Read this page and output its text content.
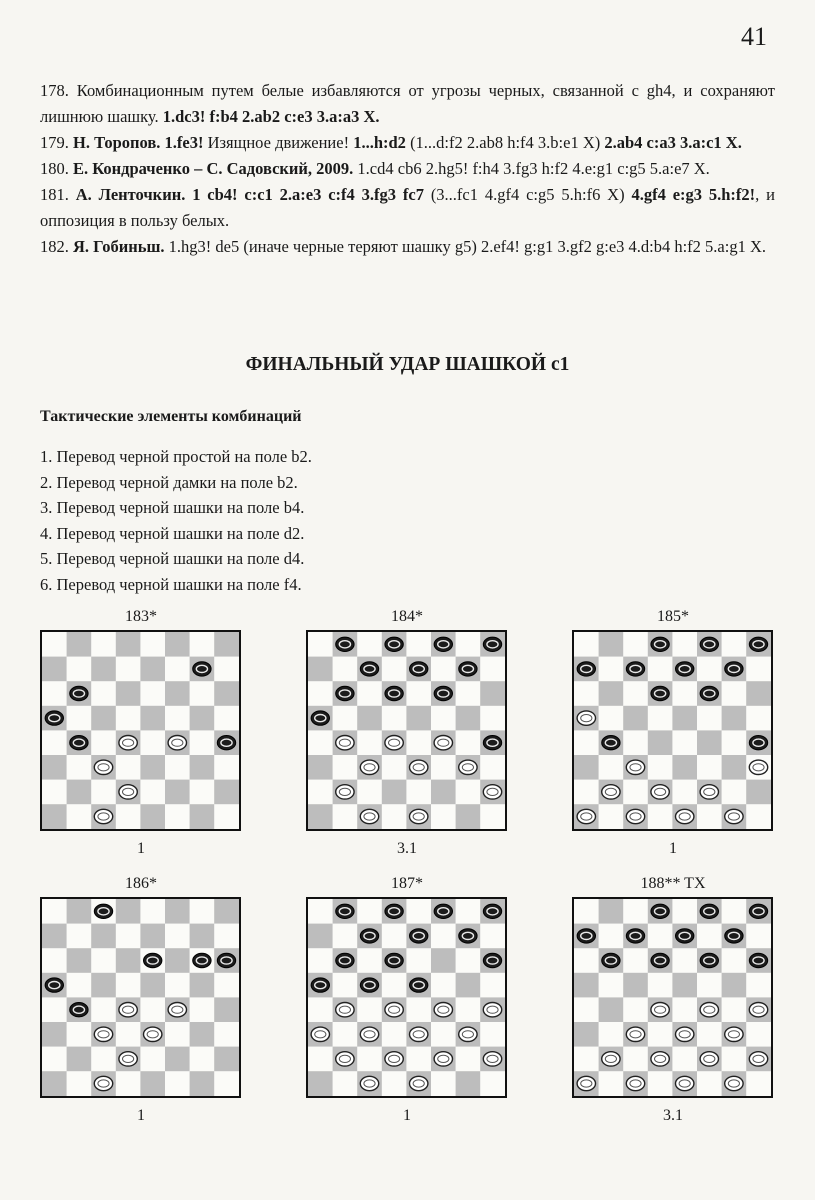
41

178. Комбинационным путем белые избавляются от угрозы черных, связанной с gh4, и сохраняют лишнюю шашку. 1.dc3! f:b4 2.ab2 c:e3 3.a:a3 X.

179. Н. Торопов. 1.fe3! Изящное движение! 1...h:d2 (1...d:f2 2.ab8 h:f4 3.b:e1 X) 2.ab4 c:a3 3.a:c1 X.

180. Е. Кондраченко – С. Садовский, 2009. 1.cd4 cb6 2.hg5! f:h4 3.fg3 h:f2 4.e:g1 c:g5 5.a:e7 X.

181. А. Ленточкин. 1 cb4! c:c1 2.a:e3 c:f4 3.fg3 fc7 (3...fc1 4.gf4 c:g5 5.h:f6 X) 4.gf4 e:g3 5.h:f2!, и оппозиция в пользу белых.

182. Я. Гобиньш. 1.hg3! de5 (иначе черные теряют шашку g5) 2.ef4! g:g1 3.gf2 g:e3 4.d:b4 h:f2 5.a:g1 X.

ФИНАЛЬНЫЙ УДАР ШАШКОЙ c1
Тактические элементы комбинаций
1. Перевод черной простой на поле b2.
2. Перевод черной дамки на поле b2.
3. Перевод черной шашки на поле b4.
4. Перевод черной шашки на поле d2.
5. Перевод черной шашки на поле d4.
6. Перевод черной шашки на поле f4.
183*
1
184*
3.1
185*
1
186*
1
187*
1
188** TX
3.1
